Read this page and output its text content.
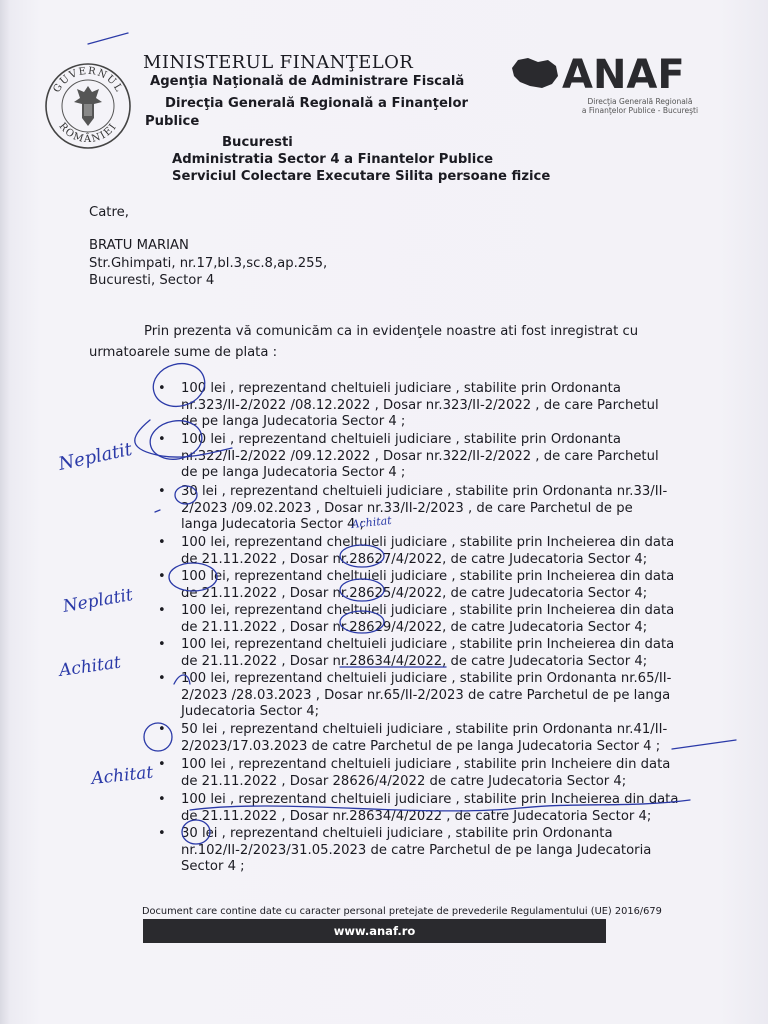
GUVERNUL
ROMÂNIEI
MINISTERUL FINANŢELOR
Agenţia Naţională de Administrare Fiscală
Direcţia Generală Regională a Finanţelor
Publice
Bucuresti
Administratia Sector 4 a Finantelor Publice
Serviciul Colectare Executare Silita persoane fizice
ANAF
Direcţia Generală Regională
a Finanţelor Publice - Bucureşti
Catre,
BRATU MARIAN
Str.Ghimpati, nr.17,bl.3,sc.8,ap.255,
Bucuresti, Sector 4
Prin prezenta vă comunicăm ca in evidenţele noastre ati fost inregistrat cu
urmatoarele sume de plata :
• 100 lei , reprezentand cheltuieli judiciare , stabilite prin Ordonanta
nr.323/II-2/2022 /08.12.2022 , Dosar nr.323/II-2/2022 , de care Parchetul
de pe langa Judecatoria Sector 4 ;
• 100 lei , reprezentand cheltuieli judiciare , stabilite prin Ordonanta
nr.322/II-2/2022 /09.12.2022 , Dosar nr.322/II-2/2022 , de care Parchetul
de pe langa Judecatoria Sector 4 ;
• 30 lei , reprezentand cheltuieli judiciare , stabilite prin Ordonanta nr.33/II-
2/2023 /09.02.2023 , Dosar nr.33/II-2/2023 , de care Parchetul de pe
langa Judecatoria Sector 4 ;
• 100 lei, reprezentand cheltuieli judiciare , stabilite prin Incheierea din data
de 21.11.2022 , Dosar nr.28627/4/2022, de catre Judecatoria Sector 4;
• 100 lei, reprezentand cheltuieli judiciare , stabilite prin Incheierea din data
de 21.11.2022 , Dosar nr.28625/4/2022, de catre Judecatoria Sector 4;
• 100 lei, reprezentand cheltuieli judiciare , stabilite prin Incheierea din data
de 21.11.2022 , Dosar nr.28629/4/2022, de catre Judecatoria Sector 4;
• 100 lei, reprezentand cheltuieli judiciare , stabilite prin Incheierea din data
de 21.11.2022 , Dosar nr.28634/4/2022, de catre Judecatoria Sector 4;
• 100 lei, reprezentand cheltuieli judiciare , stabilite prin Ordonanta nr.65/II-
2/2023 /28.03.2023 , Dosar nr.65/II-2/2023 de catre Parchetul de pe langa
Judecatoria Sector 4;
• 50 lei , reprezentand cheltuieli judiciare , stabilite prin Ordonanta nr.41/II-
2/2023/17.03.2023 de catre Parchetul de pe langa Judecatoria Sector 4 ;
• 100 lei , reprezentand cheltuieli judiciare , stabilite prin Incheiere din data
de 21.11.2022 , Dosar 28626/4/2022 de catre Judecatoria Sector 4;
• 100 lei , reprezentand cheltuieli judiciare , stabilite prin Incheierea din data
de 21.11.2022 , Dosar nr.28634/4/2022 , de catre Judecatoria Sector 4;
• 30 lei , reprezentand cheltuieli judiciare , stabilite prin Ordonanta
nr.102/II-2/2023/31.05.2023 de catre Parchetul de pe langa Judecatoria
Sector 4 ;
Document care contine date cu caracter personal pretejate de prevederile Regulamentului (UE) 2016/679
www.anaf.ro
Neplatit
Achitat
Neplatit
Achitat
Achitat
